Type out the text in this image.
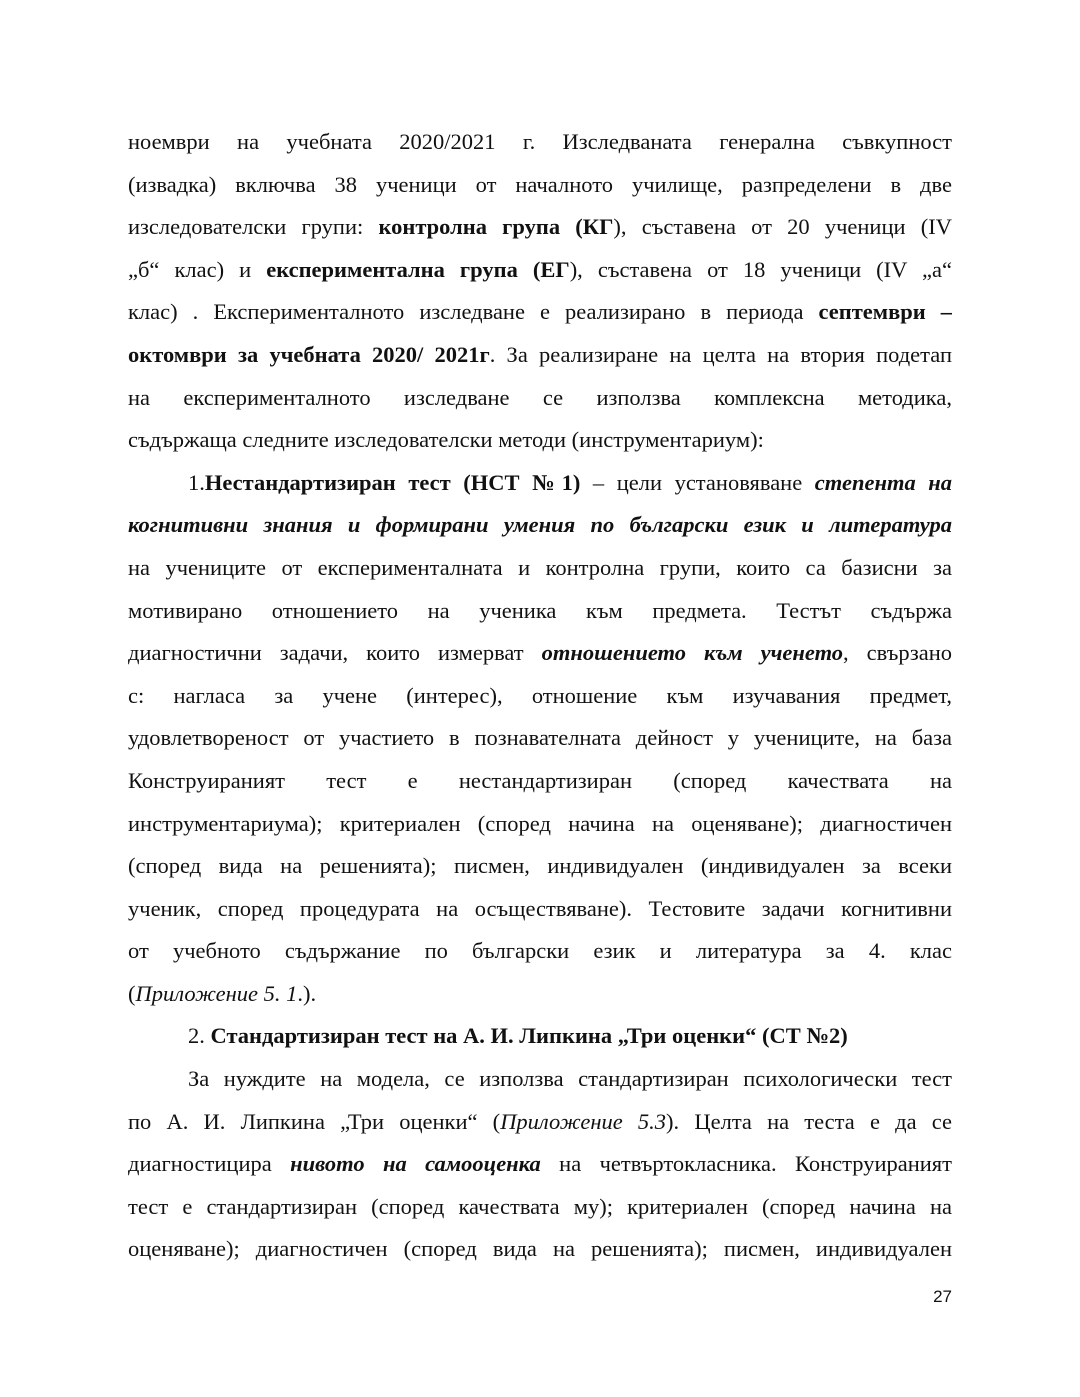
ноември на учебната 2020/2021 г. Изследваната генерална съвкупност
(извадка) включва 38 ученици от началното училище, разпределени в две
изследователски групи: контролна група (КГ), съставена от 20 ученици (IV
„б“ клас) и експериментална група (ЕГ), съставена от 18 ученици (IV „а“
клас) . Експерименталното изследване е реализирано в периода септември –
октомври за учебната 2020/ 2021г. За реализиране на целта на втория подетап
на експерименталното изследване се използва комплексна методика,
съдържаща следните изследователски методи (инструментариум):
1.Нестандартизиран тест (НСТ №1) – цели установяване степента на
когнитивни знания и формирани умения по български език и литература
на учениците от експерименталната и контролна групи, които са базисни за
мотивирано отношението на ученика към предмета. Тестът съдържа
диагностични задачи, които измерват отношението към ученето, свързано
с: нагласа за учене (интерес), отношение към изучавания предмет,
удовлетвореност от участието в познавателната дейност у учениците, на база
Конструираният тест е нестандартизиран (според качествата на
инструментариума); критериален (според начина на оценяване); диагностичен
(според вида на решенията); писмен, индивидуален (индивидуален за всеки
ученик, според процедурата на осъществяване). Тестовите задачи когнитивни
от учебното съдържание по български език и литература за 4. клас
(Приложение 5. 1.).
2. Стандартизиран тест на А. И. Липкина „Три оценки“ (СТ №2)
За нуждите на модела, се използва стандартизиран психологически тест
по А. И. Липкина „Три оценки“ (Приложение 5.3). Целта на теста е да се
диагностицира нивото на самооценка на четвъртокласника. Конструираният
тест е стандартизиран (според качествата му); критериален (според начина на
оценяване); диагностичен (според вида на решенията); писмен, индивидуален
27
